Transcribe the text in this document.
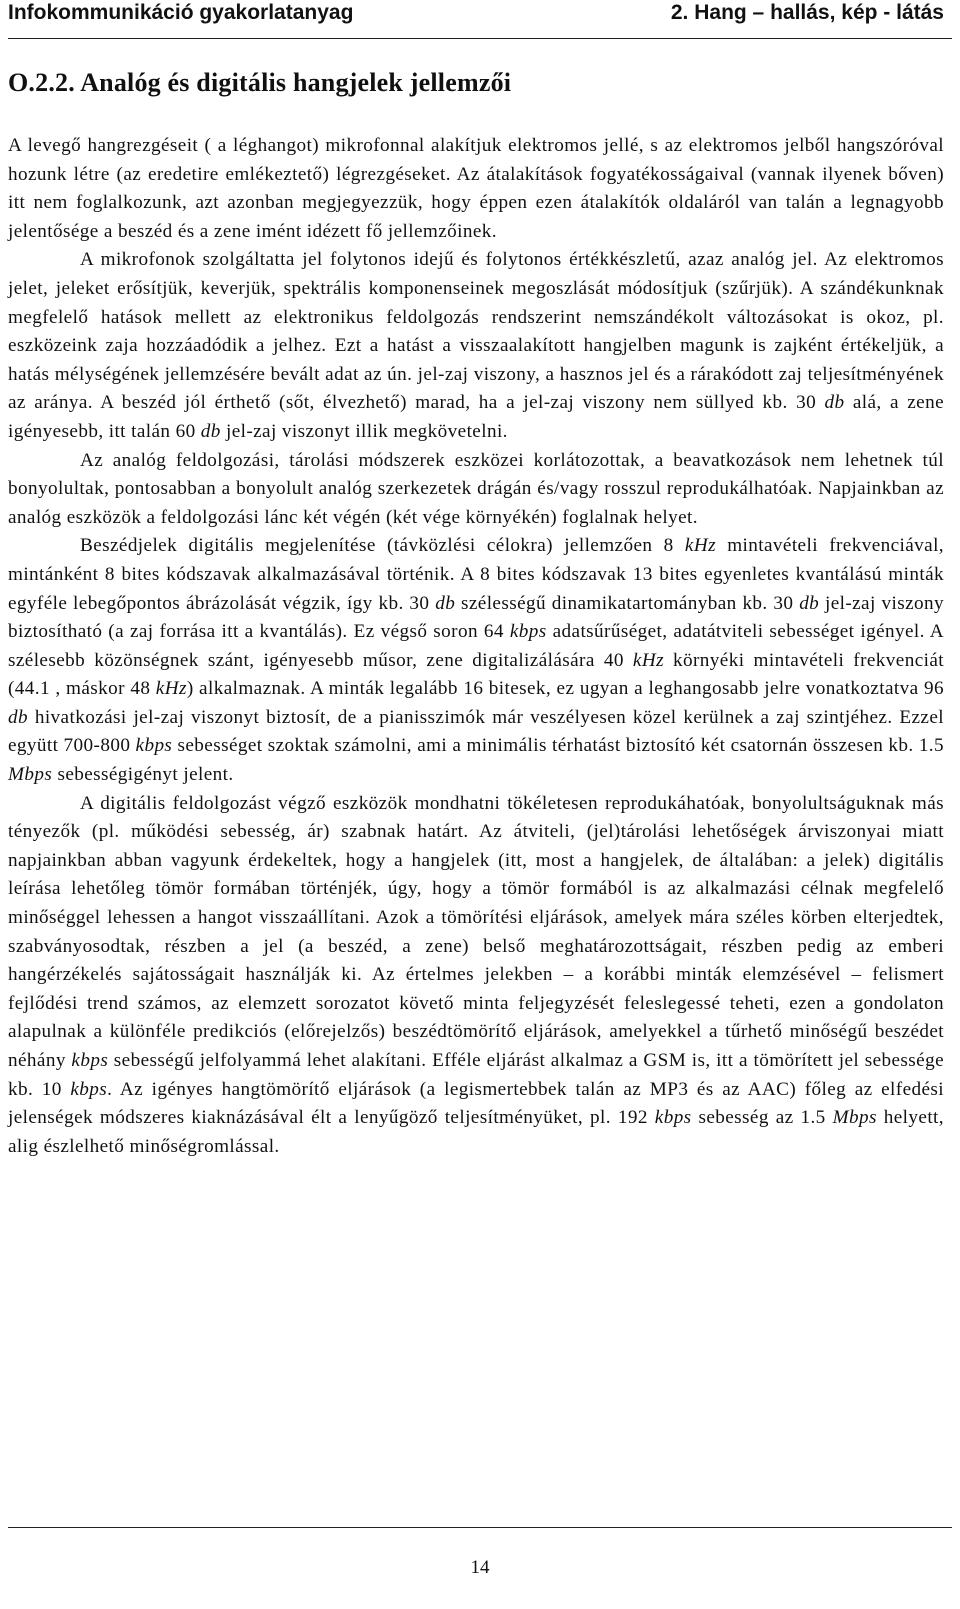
Infokommunikáció gyakorlatanyag	2. Hang – hallás, kép - látás
O.2.2. Analóg és digitális hangjelek jellemzői

A levegő hangrezgéseit ( a léghangot) mikrofonnal alakítjuk elektromos jellé, s az elektromos jelből hangszóróval hozunk létre (az eredetire emlékeztető) légrezgéseket. Az átalakítások fogyatékosságaival (vannak ilyenek bőven) itt nem foglalkozunk, azt azonban megjegyezzük, hogy éppen ezen átalakítók oldaláról van talán a legnagyobb jelentősége a beszéd és a zene imént idézett fő jellemzőinek.

A mikrofonok szolgáltatta jel folytonos idejű és folytonos értékkészletű, azaz analóg jel. Az elektromos jelet, jeleket erősítjük, keverjük, spektrális komponenseinek megoszlását módosítjuk (szűrjük). A szándékunknak megfelelő hatások mellett az elektronikus feldolgozás rendszerint nemszándékolt változásokat is okoz, pl. eszközeink zaja hozzáadódik a jelhez. Ezt a hatást a visszaalakított hangjelben magunk is zajként értékeljük, a hatás mélységének jellemzésére bevált adat az ún. jel-zaj viszony, a hasznos jel és a rárakódott zaj teljesítményének az aránya. A beszéd jól érthető (sőt, élvezhető) marad, ha a jel-zaj viszony nem süllyed kb. 30 db alá, a zene igényesebb, itt talán 60 db jel-zaj viszonyt illik megkövetelni.

Az analóg feldolgozási, tárolási módszerek eszközei korlátozottak, a beavatkozások nem lehetnek túl bonyolultak, pontosabban a bonyolult analóg szerkezetek drágán és/vagy rosszul reprodukálhatóak. Napjainkban az analóg eszközök a feldolgozási lánc két végén (két vége környékén) foglalnak helyet.

Beszédjelek digitális megjelenítése (távközlési célokra) jellemzően 8 kHz mintavételi frekvenciával, mintánként 8 bites kódszavak alkalmazásával történik. A 8 bites kódszavak 13 bites egyenletes kvantálású minták egyféle lebegőpontos ábrázolását végzik, így kb. 30 db szélességű dinamikatartományban kb. 30 db jel-zaj viszony biztosítható (a zaj forrása itt a kvantálás). Ez végső soron 64 kbps adatsűrűséget, adatátviteli sebességet igényel. A szélesebb közönségnek szánt, igényesebb műsor, zene digitalizálására 40 kHz környéki mintavételi frekvenciát (44.1 , máskor 48 kHz) alkalmaznak. A minták legalább 16 bitesek, ez ugyan a leghangosabb jelre vonatkoztatva 96 db hivatkozási jel-zaj viszonyt biztosít, de a pianisszimók már veszélyesen közel kerülnek a zaj szintjéhez. Ezzel együtt 700-800 kbps sebességet szoktak számolni, ami a minimális térhatást biztosító két csatornán összesen kb. 1.5 Mbps sebességigényt jelent.

A digitális feldolgozást végző eszközök mondhatni tökéletesen reprodukáhatóak, bonyolultságuknak más tényezők (pl. működési sebesség, ár) szabnak határt. Az átviteli, (jel)tárolási lehetőségek árviszonyai miatt napjainkban abban vagyunk érdekeltek, hogy a hangjelek (itt, most a hangjelek, de általában: a jelek) digitális leírása lehetőleg tömör formában történjék, úgy, hogy a tömör formából is az alkalmazási célnak megfelelő minőséggel lehessen a hangot visszaállítani. Azok a tömörítési eljárások, amelyek mára széles körben elterjedtek, szabványosodtak, részben a jel (a beszéd, a zene) belső meghatározottságait, részben pedig az emberi hangérzékelés sajátosságait használják ki. Az értelmes jelekben – a korábbi minták elemzésével – felismert fejlődési trend számos, az elemzett sorozatot követő minta feljegyzését feleslegessé teheti, ezen a gondolaton alapulnak a különféle predikciós (előrejelzős) beszédtömörítő eljárások, amelyekkel a tűrhető minőségű beszédet néhány kbps sebességű jelfolyammá lehet alakítani. Efféle eljárást alkalmaz a GSM is, itt a tömörített jel sebessége kb. 10 kbps. Az igényes hangtömörítő eljárások (a legismertebbek talán az MP3 és az AAC) főleg az elfedési jelenségek módszeres kiaknázásával élt a lenyűgöző teljesítményüket, pl. 192 kbps sebesség az 1.5 Mbps helyett, alig észlelhető minőségromlással.

14
